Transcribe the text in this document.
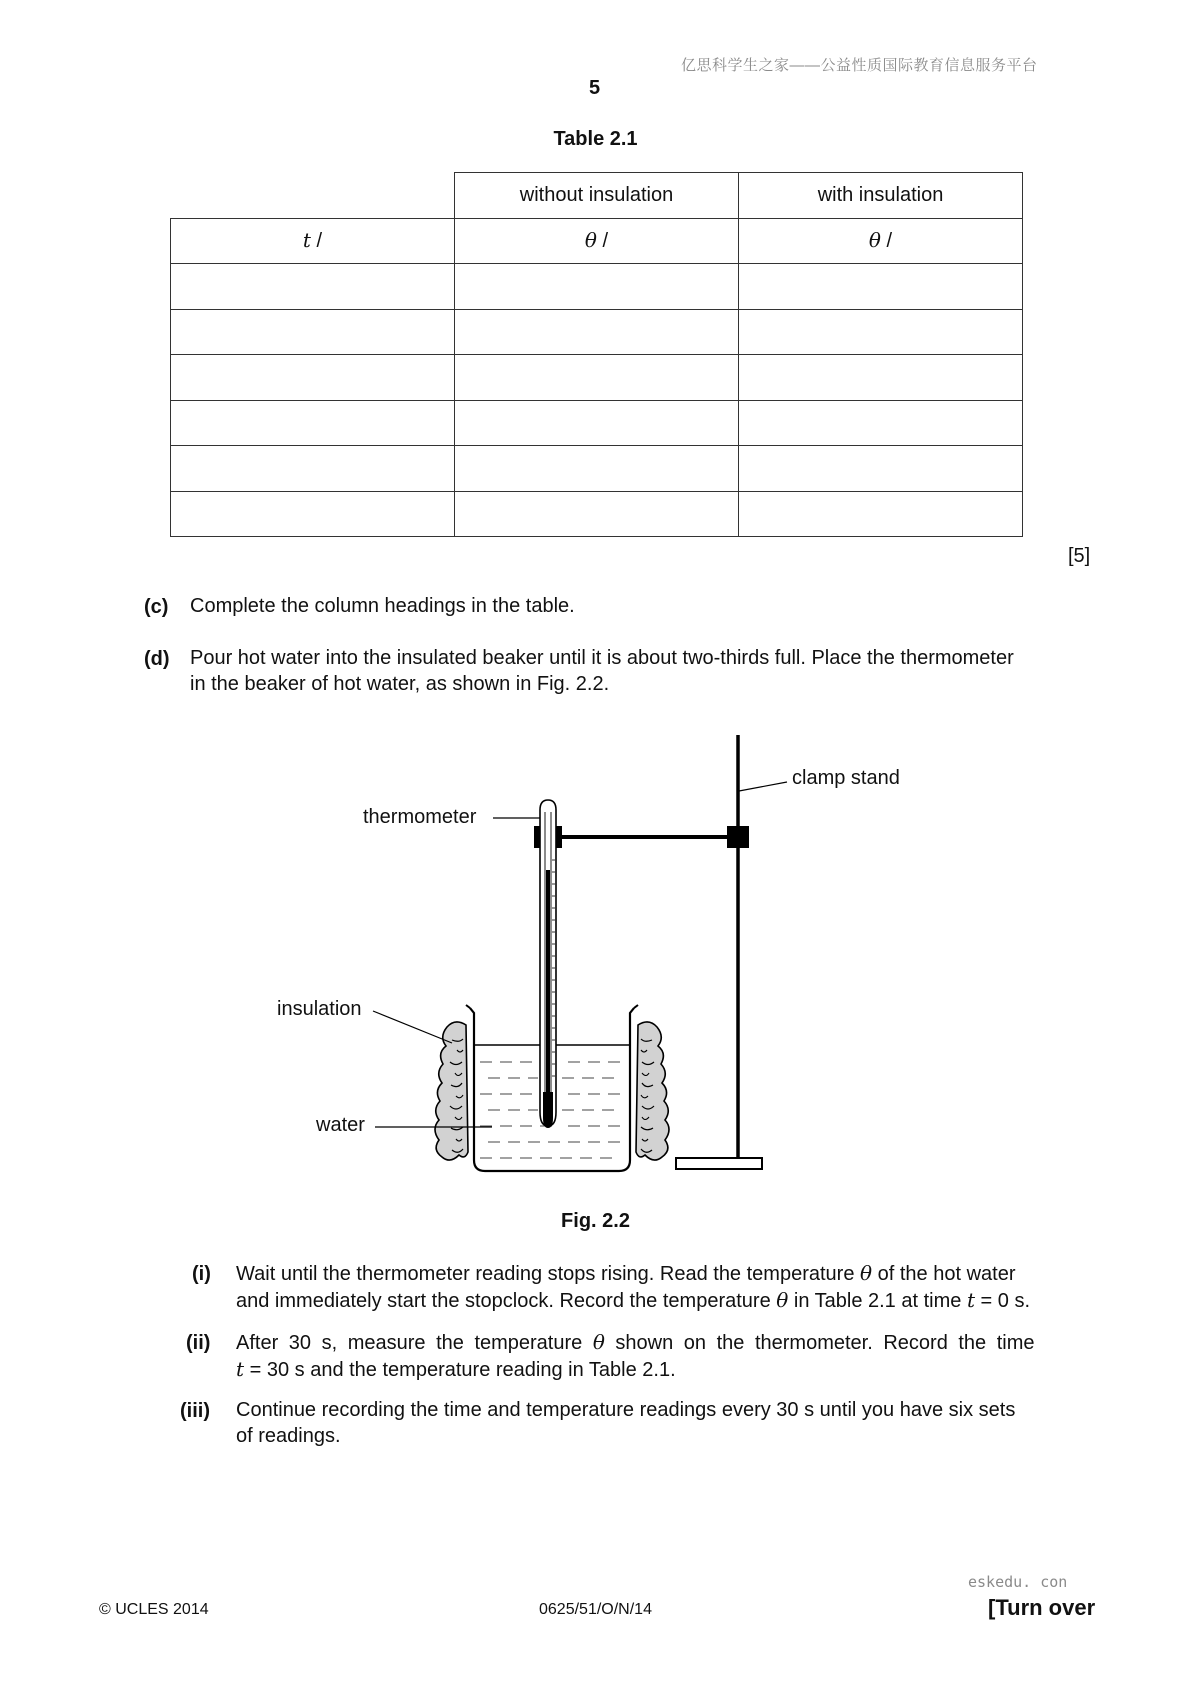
亿思科学生之家——公益性质国际教育信息服务平台
5
Table 2.1
	without insulation	with insulation
t /	θ /	θ /

[5]
(c) Complete the column headings in the table.
(d) Pour hot water into the insulated beaker until it is about two-thirds full. Place the thermometer
in the beaker of hot water, as shown in Fig. 2.2.
clamp stand
thermometer
insulation
water
Fig. 2.2
(i) Wait until the thermometer reading stops rising. Read the temperature θ of the hot water
and immediately start the stopclock. Record the temperature θ in Table 2.1 at time t = 0 s.
(ii) After 30 s, measure the temperature θ shown on the thermometer. Record the time
t = 30 s and the temperature reading in Table 2.1.
(iii) Continue recording the time and temperature readings every 30 s until you have six sets
of readings.
eskedu. con
© UCLES 2014	0625/51/O/N/14	[Turn over
